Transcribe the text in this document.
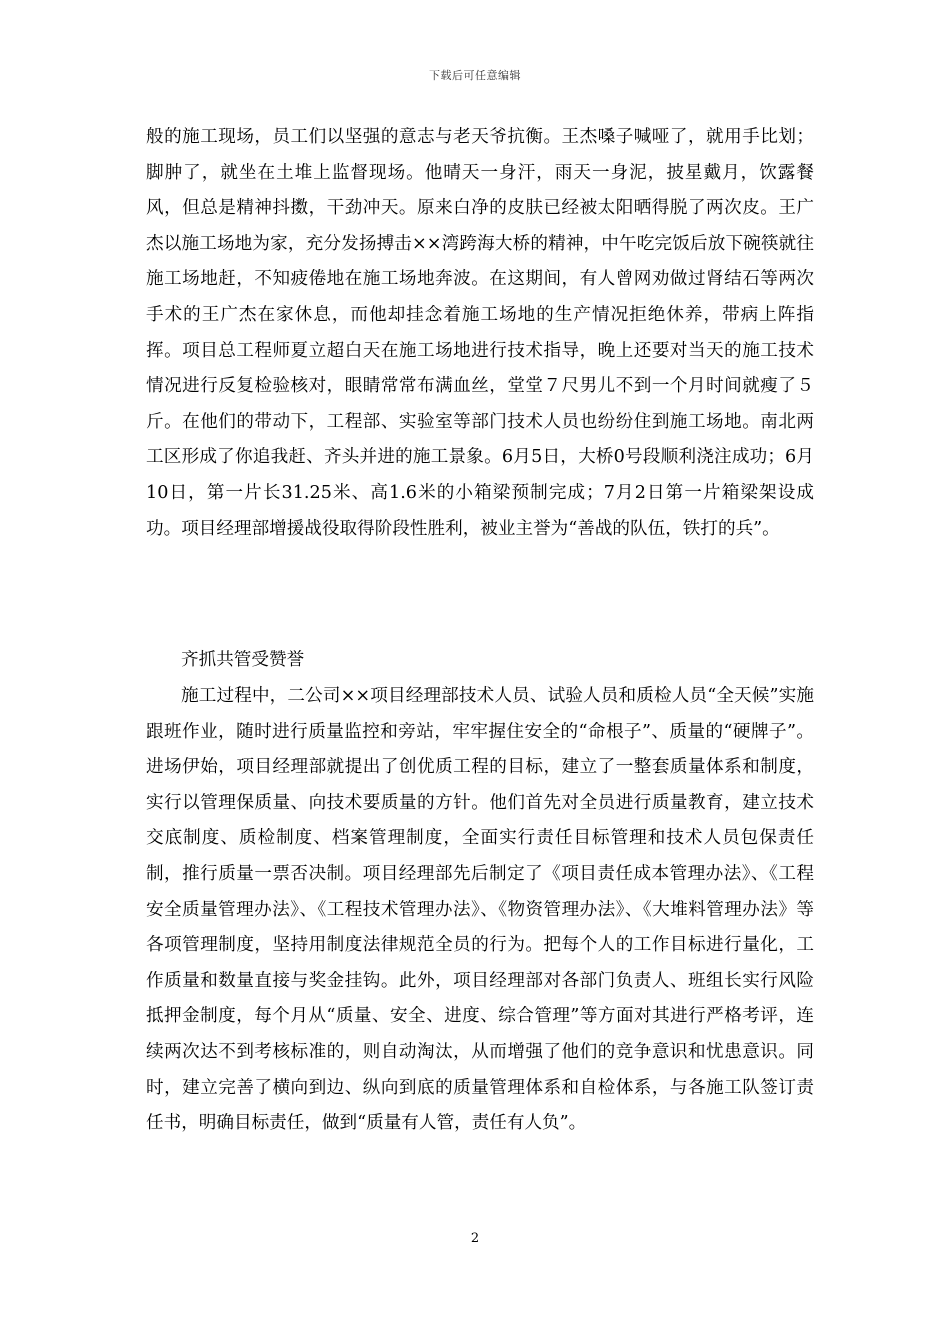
下载后可任意编辑

般的施工现场，员工们以坚强的意志与老天爷抗衡。王杰嗓子喊哑了，就用手比划；脚肿了，就坐在土堆上监督现场。他晴天一身汗，雨天一身泥，披星戴月，饮露餐风，但总是精神抖擞，干劲冲天。原来白净的皮肤已经被太阳晒得脱了两次皮。王广杰以施工场地为家，充分发扬搏击××湾跨海大桥的精神，中午吃完饭后放下碗筷就往施工场地赶，不知疲倦地在施工场地奔波。在这期间，有人曾网劝做过肾结石等两次手术的王广杰在家休息，而他却挂念着施工场地的生产情况拒绝休养，带病上阵指挥。项目总工程师夏立超白天在施工场地进行技术指导，晚上还要对当天的施工技术情况进行反复检验核对，眼睛常常布满血丝，堂堂７尺男儿不到一个月时间就瘦了５斤。在他们的带动下，工程部、实验室等部门技术人员也纷纷住到施工场地。南北两工区形成了你追我赶、齐头并进的施工景象。6月5日，大桥0号段顺利浇注成功；6月10日，第一片长31.25米、高1.6米的小箱梁预制完成；7月2日第一片箱梁架设成功。项目经理部增援战役取得阶段性胜利，被业主誉为“善战的队伍，铁打的兵”。

齐抓共管受赞誉

施工过程中，二公司××项目经理部技术人员、试验人员和质检人员“全天候”实施跟班作业，随时进行质量监控和旁站，牢牢握住安全的“命根子”、质量的“硬牌子”。进场伊始，项目经理部就提出了创优质工程的目标，建立了一整套质量体系和制度，实行以管理保质量、向技术要质量的方针。他们首先对全员进行质量教育，建立技术交底制度、质检制度、档案管理制度，全面实行责任目标管理和技术人员包保责任制，推行质量一票否决制。项目经理部先后制定了《项目责任成本管理办法》、《工程安全质量管理办法》、《工程技术管理办法》、《物资管理办法》、《大堆料管理办法》等各项管理制度，坚持用制度法律规范全员的行为。把每个人的工作目标进行量化，工作质量和数量直接与奖金挂钩。此外，项目经理部对各部门负责人、班组长实行风险抵押金制度，每个月从“质量、安全、进度、综合管理”等方面对其进行严格考评，连续两次达不到考核标准的，则自动淘汰，从而增强了他们的竞争意识和忧患意识。同时，建立完善了横向到边、纵向到底的质量管理体系和自检体系，与各施工队签订责任书，明确目标责任，做到“质量有人管，责任有人负”。

2
